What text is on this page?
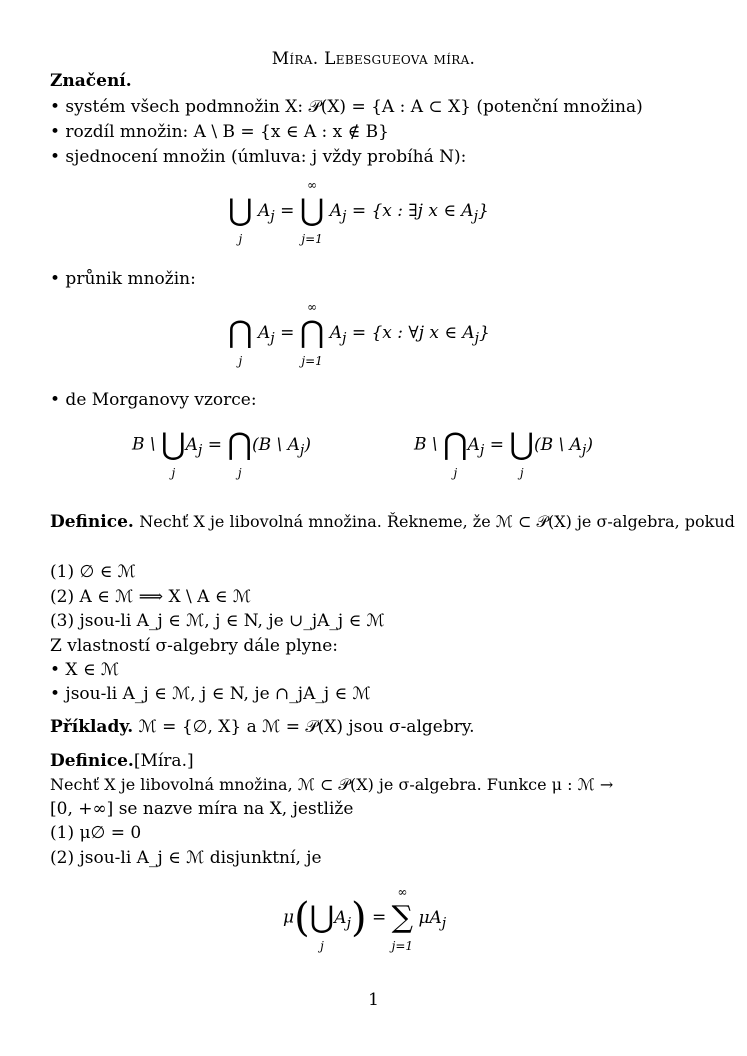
Míra. Lebesgueova míra.
Značení.
• systém všech podmnožin X: 𝒫(X) = {A : A ⊂ X} (potenční množina)
• rozdíl množin: A \ B = {x ∈ A : x ∉ B}
• sjednocení množin (úmluva: j vždy probíhá N):
⋃
j
$A_j$ =
∞
⋃
j=1
$A_j = \{x$ : ∃j x ∈ $A_j$}
• průnik množin:
⋂
j
$A_j$ =
∞
⋂
j=1
$A_j = \{x$ : ∀j x ∈ $A_j$}
• de Morganovy vzorce:
B \ ⋃
j
$A_j$ = ⋂
j
(B \ $A_j$)	B \ ⋂
j
$A_j$ = ⋃
j
(B \ $A_j$)
Definice. Nechť X je libovolná množina. Řekneme, že ℳ ⊂ 𝒫(X) je σ-algebra, pokud
(1) ∅ ∈ ℳ
(2) A ∈ ℳ ⟹ X \ A ∈ ℳ
(3) jsou-li A_j ∈ ℳ, j ∈ N, je ∪_jA_j ∈ ℳ
Z vlastností σ-algebry dále plyne:
• X ∈ ℳ
• jsou-li A_j ∈ ℳ, j ∈ N, je ∩_jA_j ∈ ℳ
Příklady. ℳ = {∅, X} a ℳ = 𝒫(X) jsou σ-algebry.
Definice.[Míra.]
Nechť X je libovolná množina, ℳ ⊂ 𝒫(X) je σ-algebra. Funkce μ : ℳ →
[0, +∞] se nazve míra na X, jestliže
(1) μ∅ = 0
(2) jsou-li A_j ∈ ℳ disjunktní, je
μ(⋃
j
$A_j$) =
∞
∑
j=1
$\mu A_j$
1
